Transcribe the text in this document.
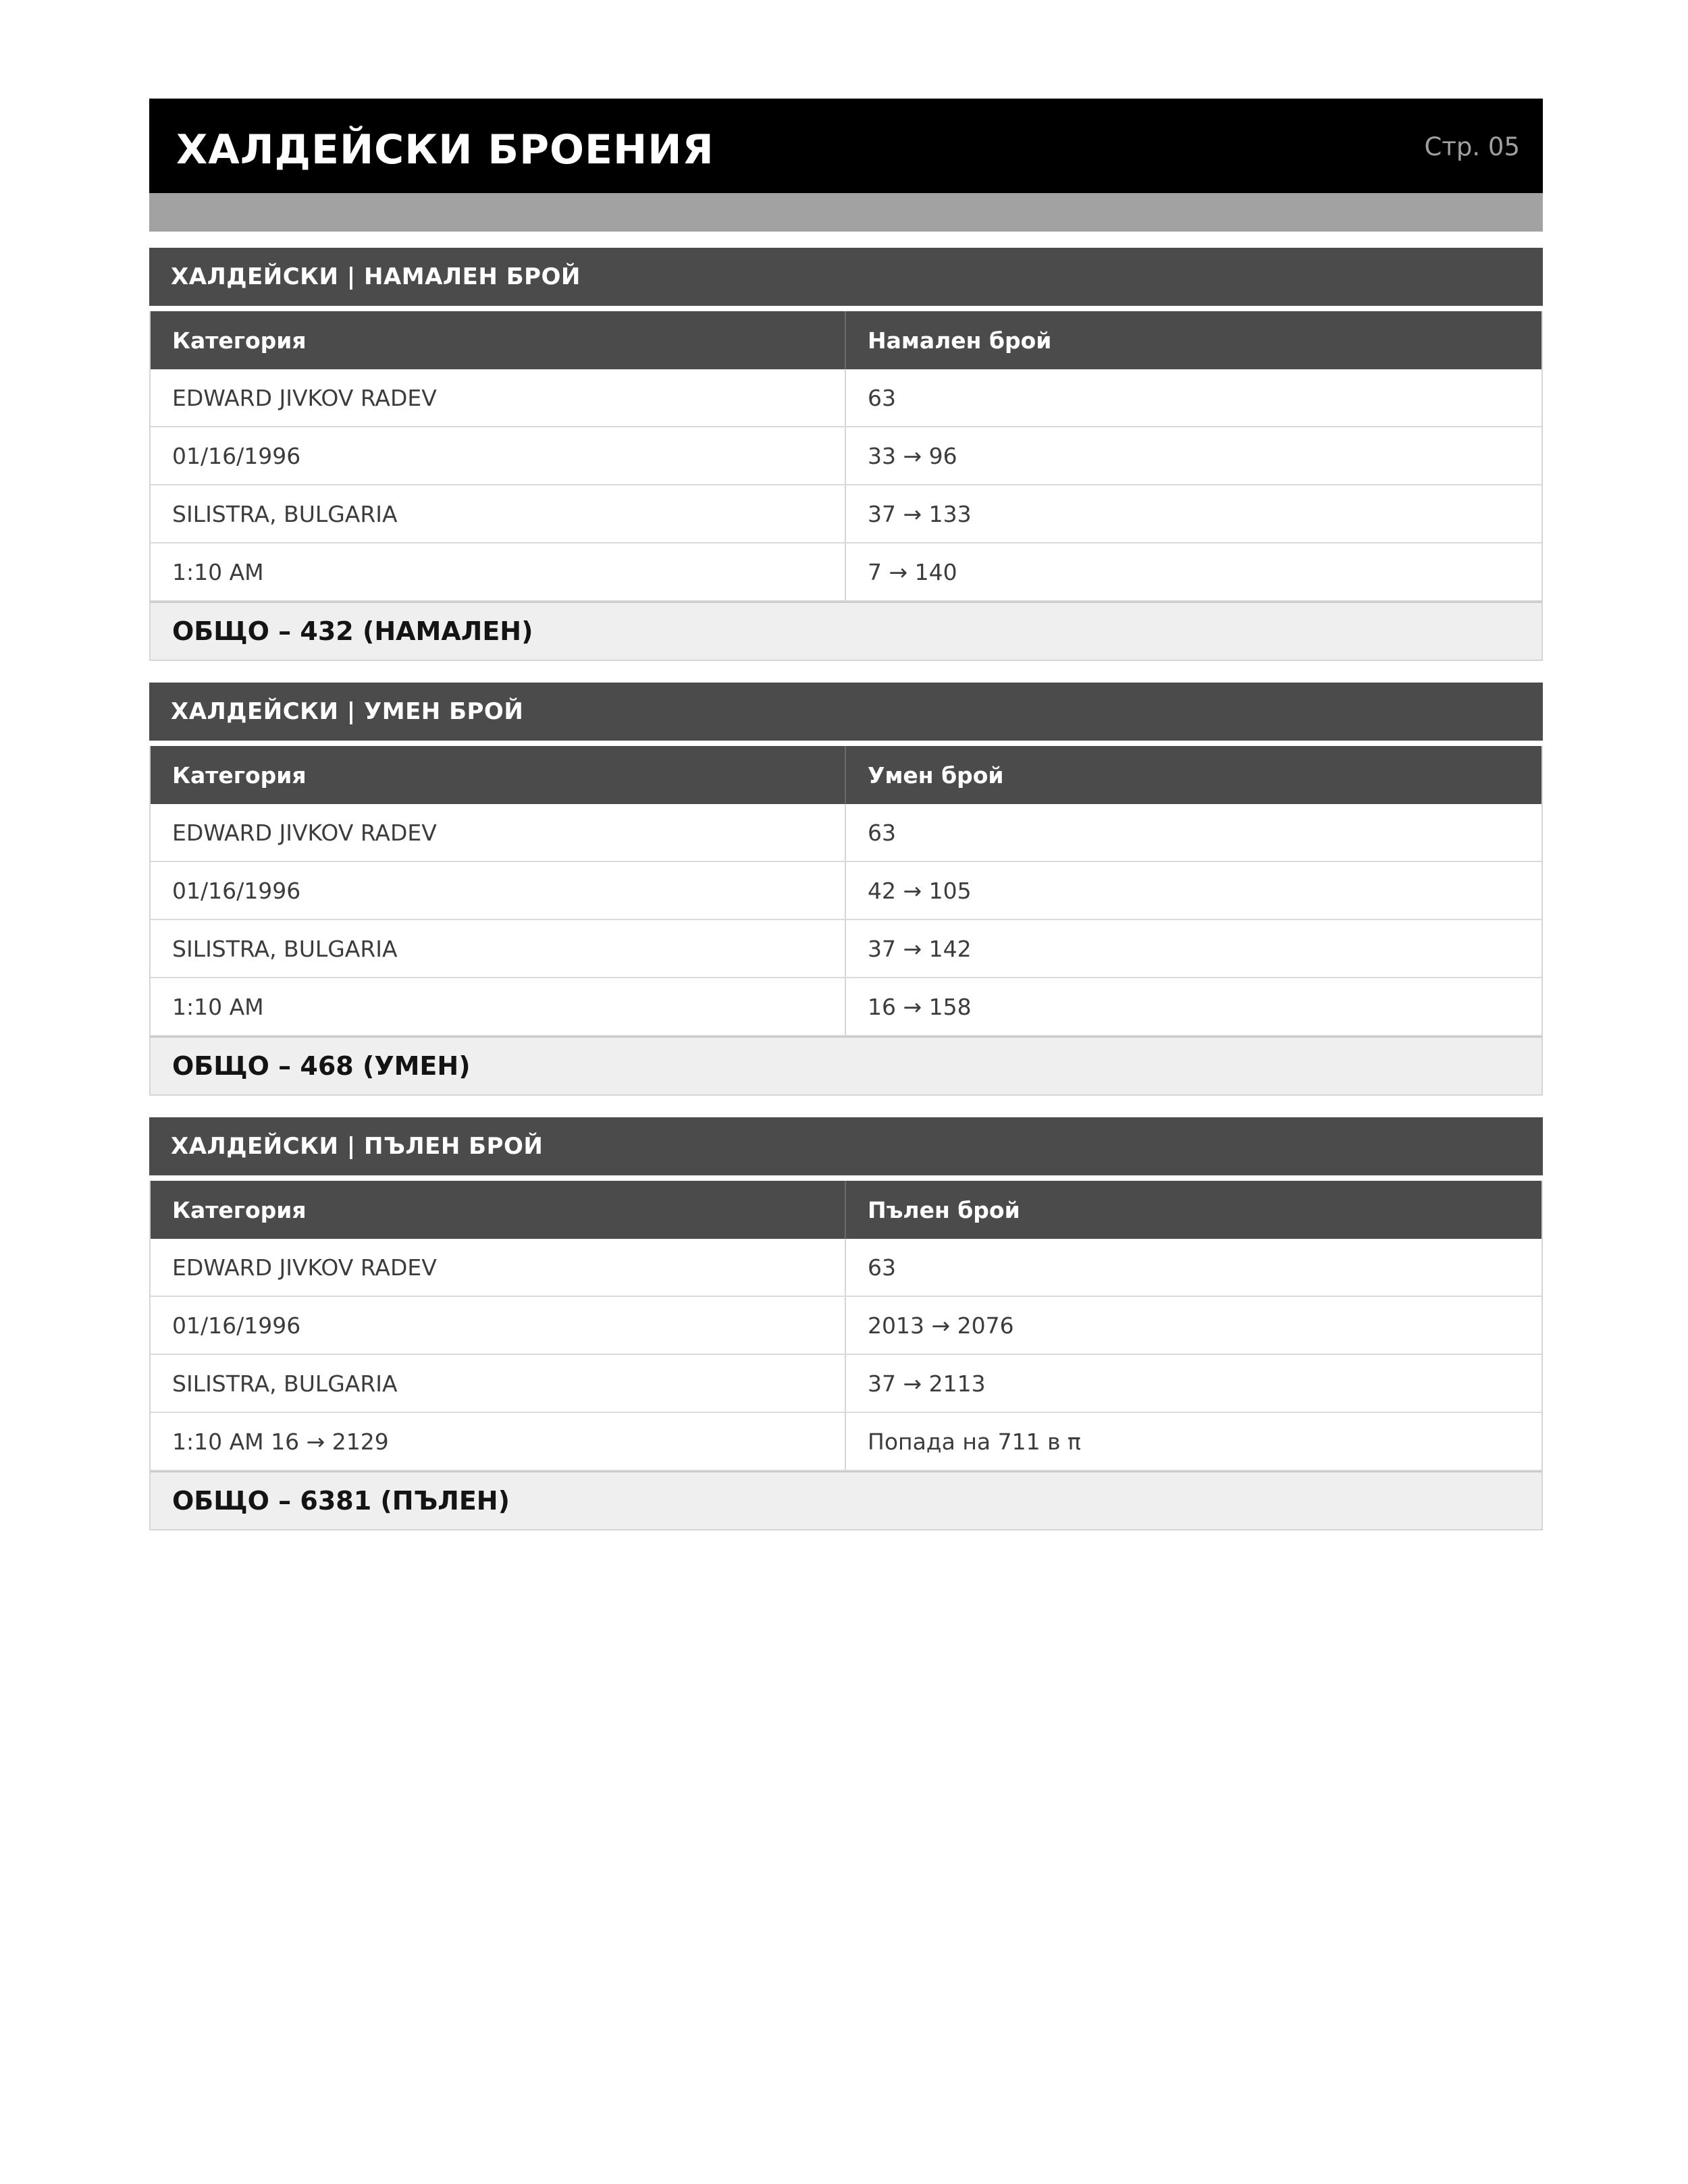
ХАЛДЕЙСКИ БРОЕНИЯ	Стр. 05
ХАЛДЕЙСКИ | НАМАЛЕН БРОЙ
Категория	Намален брой
EDWARD JIVKOV RADEV	63
01/16/1996	33 → 96
SILISTRA, BULGARIA	37 → 133
1:10 AM	7 → 140
ОБЩО – 432 (НАМАЛЕН)
ХАЛДЕЙСКИ | УМЕН БРОЙ
Категория	Умен брой
EDWARD JIVKOV RADEV	63
01/16/1996	42 → 105
SILISTRA, BULGARIA	37 → 142
1:10 AM	16 → 158
ОБЩО – 468 (УМЕН)
ХАЛДЕЙСКИ | ПЪЛЕН БРОЙ
Категория	Пълен брой
EDWARD JIVKOV RADEV	63
01/16/1996	2013 → 2076
SILISTRA, BULGARIA	37 → 2113
1:10 AM 16 → 2129	Попада на 711 в π
ОБЩО – 6381 (ПЪЛЕН)
